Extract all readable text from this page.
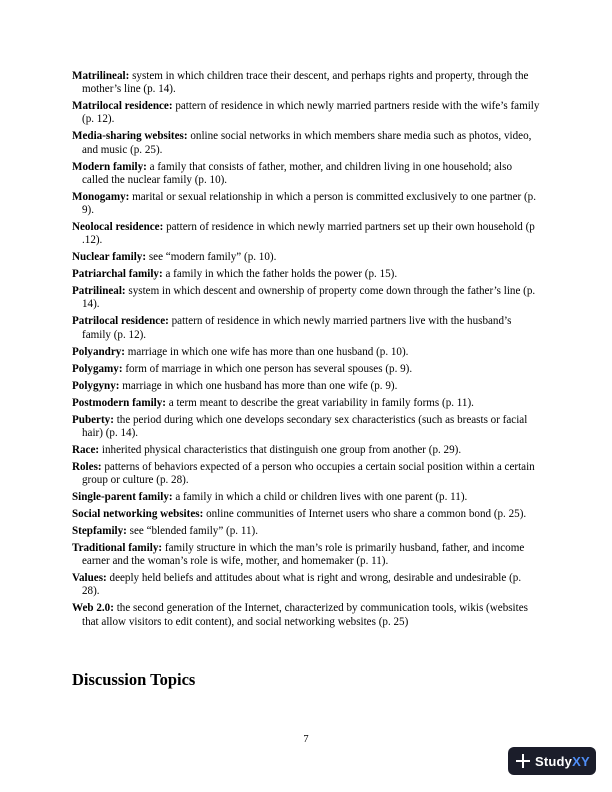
Matrilineal: system in which children trace their descent, and perhaps rights and property, through the mother’s line (p. 14).
Matrilocal residence: pattern of residence in which newly married partners reside with the wife’s family (p. 12).
Media-sharing websites: online social networks in which members share media such as photos, video, and music (p. 25).
Modern family: a family that consists of father, mother, and children living in one household; also called the nuclear family (p. 10).
Monogamy: marital or sexual relationship in which a person is committed exclusively to one partner (p. 9).
Neolocal residence: pattern of residence in which newly married partners set up their own household (p .12).
Nuclear family: see “modern family” (p. 10).
Patriarchal family: a family in which the father holds the power (p. 15).
Patrilineal: system in which descent and ownership of property come down through the father’s line (p. 14).
Patrilocal residence: pattern of residence in which newly married partners live with the husband’s family (p. 12).
Polyandry: marriage in which one wife has more than one husband (p. 10).
Polygamy: form of marriage in which one person has several spouses (p. 9).
Polygyny: marriage in which one husband has more than one wife (p. 9).
Postmodern family: a term meant to describe the great variability in family forms (p. 11).
Puberty: the period during which one develops secondary sex characteristics (such as breasts or facial hair) (p. 14).
Race: inherited physical characteristics that distinguish one group from another (p. 29).
Roles: patterns of behaviors expected of a person who occupies a certain social position within a certain group or culture (p. 28).
Single-parent family: a family in which a child or children lives with one parent (p. 11).
Social networking websites: online communities of Internet users who share a common bond (p. 25).
Stepfamily: see “blended family” (p. 11).
Traditional family: family structure in which the man’s role is primarily husband, father, and income earner and the woman’s role is wife, mother, and homemaker (p. 11).
Values: deeply held beliefs and attitudes about what is right and wrong, desirable and undesirable (p. 28).
Web 2.0: the second generation of the Internet, characterized by communication tools, wikis (websites that allow visitors to edit content), and social networking websites (p. 25)
Discussion Topics
7
StudyXY
